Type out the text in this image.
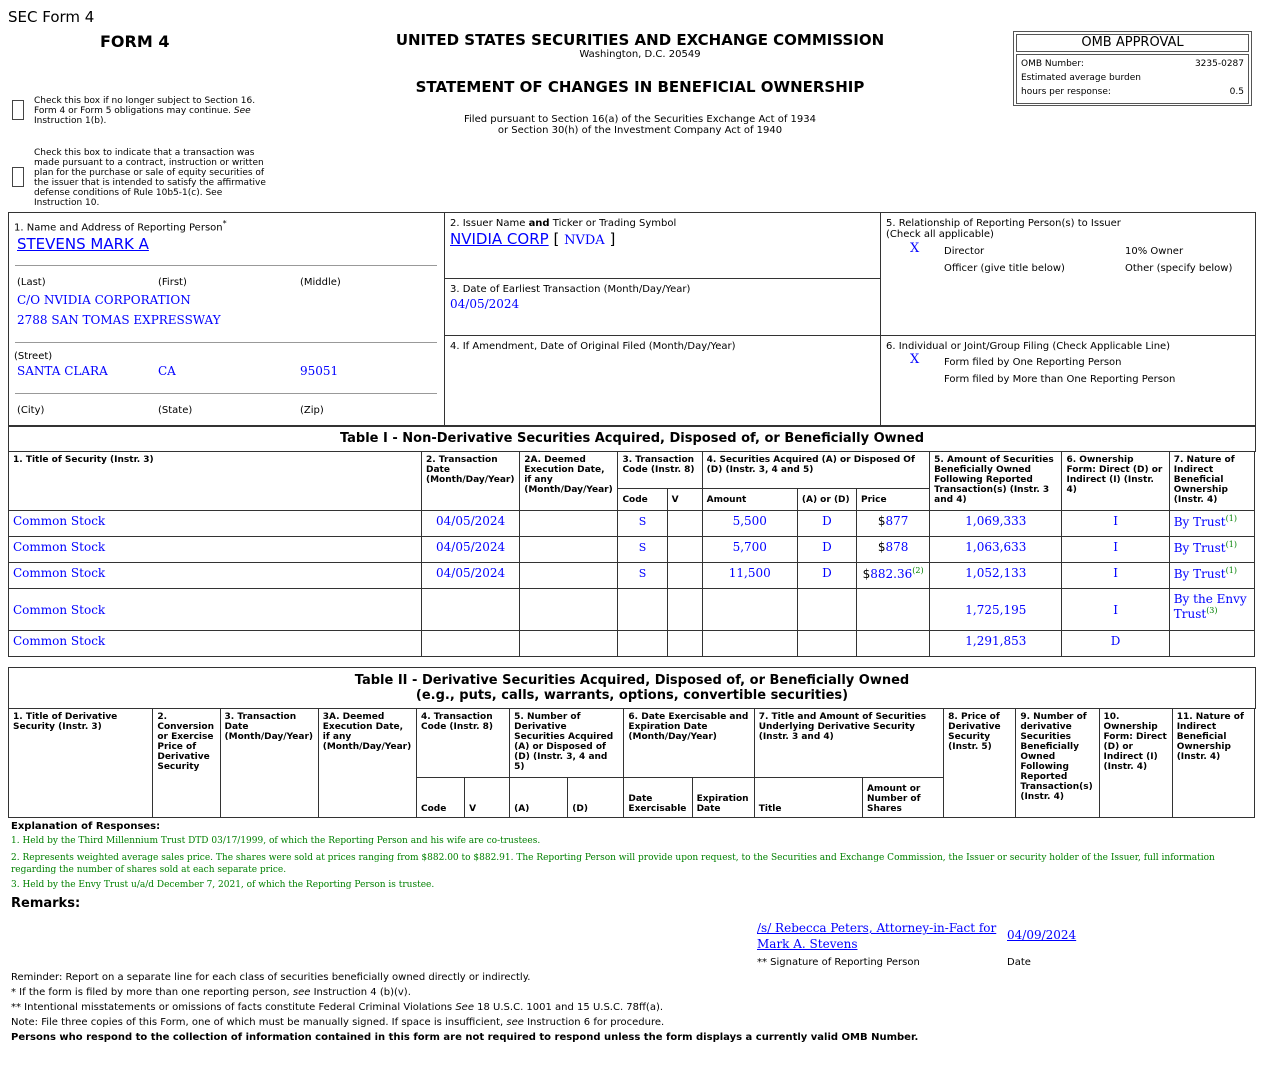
SEC Form 4
FORM 4	UNITED STATES SECURITIES AND EXCHANGE COMMISSION
Washington, D.C. 20549
STATEMENT OF CHANGES IN BENEFICIAL OWNERSHIP
Filed pursuant to Section 16(a) of the Securities Exchange Act of 1934
or Section 30(h) of the Investment Company Act of 1940
OMB APPROVAL
OMB Number:	3235-0287
Estimated average burden
hours per response:	0.5
Check this box if no longer subject to Section 16. Form 4 or Form 5 obligations may continue. See Instruction 1(b).
Check this box to indicate that a transaction was made pursuant to a contract, instruction or written plan for the purchase or sale of equity securities of the issuer that is intended to satisfy the affirmative defense conditions of Rule 10b5-1(c). See Instruction 10.
1. Name and Address of Reporting Person*
STEVENS MARK A
(Last)	(First)	(Middle)
C/O NVIDIA CORPORATION
2788 SAN TOMAS EXPRESSWAY
(Street)
SANTA CLARA	CA	95051
(City)	(State)	(Zip)
2. Issuer Name and Ticker or Trading Symbol
NVIDIA CORP [ NVDA ]
3. Date of Earliest Transaction (Month/Day/Year)
04/05/2024
4. If Amendment, Date of Original Filed (Month/Day/Year)
5. Relationship of Reporting Person(s) to Issuer
(Check all applicable)
X Director	10% Owner
Officer (give title below)	Other (specify below)
6. Individual or Joint/Group Filing (Check Applicable Line)
X Form filed by One Reporting Person
Form filed by More than One Reporting Person
Table I - Non-Derivative Securities Acquired, Disposed of, or Beneficially Owned
1. Title of Security (Instr. 3)	2. Transaction Date (Month/Day/Year)	2A. Deemed Execution Date, if any (Month/Day/Year)	3. Transaction Code (Instr. 8)		4. Securities Acquired (A) or Disposed Of (D) (Instr. 3, 4 and 5)			5. Amount of Securities Beneficially Owned Following Reported Transaction(s) (Instr. 3 and 4)	6. Ownership Form: Direct (D) or Indirect (I) (Instr. 4)	7. Nature of Indirect Beneficial Ownership (Instr. 4)
			Code	V	Amount	(A) or (D)	Price			
Common Stock	04/05/2024		S		5,500	D	$877	1,069,333	I	By Trust$^{(1)}$
Common Stock	04/05/2024		S		5,700	D	$878	1,063,633	I	By Trust$^{(1)}$
Common Stock	04/05/2024		S		11,500	D	$882.36$^{(2)}$	1,052,133	I	By Trust$^{(1)}$
Common Stock								1,725,195	I	By the Envy Trust$^{(3)}$
Common Stock								1,291,853	D	
Table II - Derivative Securities Acquired, Disposed of, or Beneficially Owned
(e.g., puts, calls, warrants, options, convertible securities)
1. Title of Derivative Security (Instr. 3)	2. Conversion or Exercise Price of Derivative Security	3. Transaction Date (Month/Day/Year)	3A. Deemed Execution Date, if any (Month/Day/Year)	4. Transaction Code (Instr. 8)		5. Number of Derivative Securities Acquired (A) or Disposed of (D) (Instr. 3, 4 and 5)		6. Date Exercisable and Expiration Date (Month/Day/Year)		7. Title and Amount of Securities Underlying Derivative Security (Instr. 3 and 4)		8. Price of Derivative Security (Instr. 5)	9. Number of derivative Securities Beneficially Owned Following Reported Transaction(s) (Instr. 4)	10. Ownership Form: Direct (D) or Indirect (I) (Instr. 4)	11. Nature of Indirect Beneficial Ownership (Instr. 4)
				Code	V	(A)	(D)	Date Exercisable	Expiration Date	Title	Amount or Number of Shares				
Explanation of Responses:
1. Held by the Third Millennium Trust DTD 03/17/1999, of which the Reporting Person and his wife are co-trustees.
2. Represents weighted average sales price. The shares were sold at prices ranging from $882.00 to $882.91. The Reporting Person will provide upon request, to the Securities and Exchange Commission, the Issuer or security holder of the Issuer, full information regarding the number of shares sold at each separate price.
3. Held by the Envy Trust u/a/d December 7, 2021, of which the Reporting Person is trustee.
Remarks:
/s/ Rebecca Peters, Attorney-in-Fact for Mark A. Stevens
04/09/2024
** Signature of Reporting Person	Date
Reminder: Report on a separate line for each class of securities beneficially owned directly or indirectly.
* If the form is filed by more than one reporting person, see Instruction 4 (b)(v).
** Intentional misstatements or omissions of facts constitute Federal Criminal Violations See 18 U.S.C. 1001 and 15 U.S.C. 78ff(a).
Note: File three copies of this Form, one of which must be manually signed. If space is insufficient, see Instruction 6 for procedure.
Persons who respond to the collection of information contained in this form are not required to respond unless the form displays a currently valid OMB Number.
